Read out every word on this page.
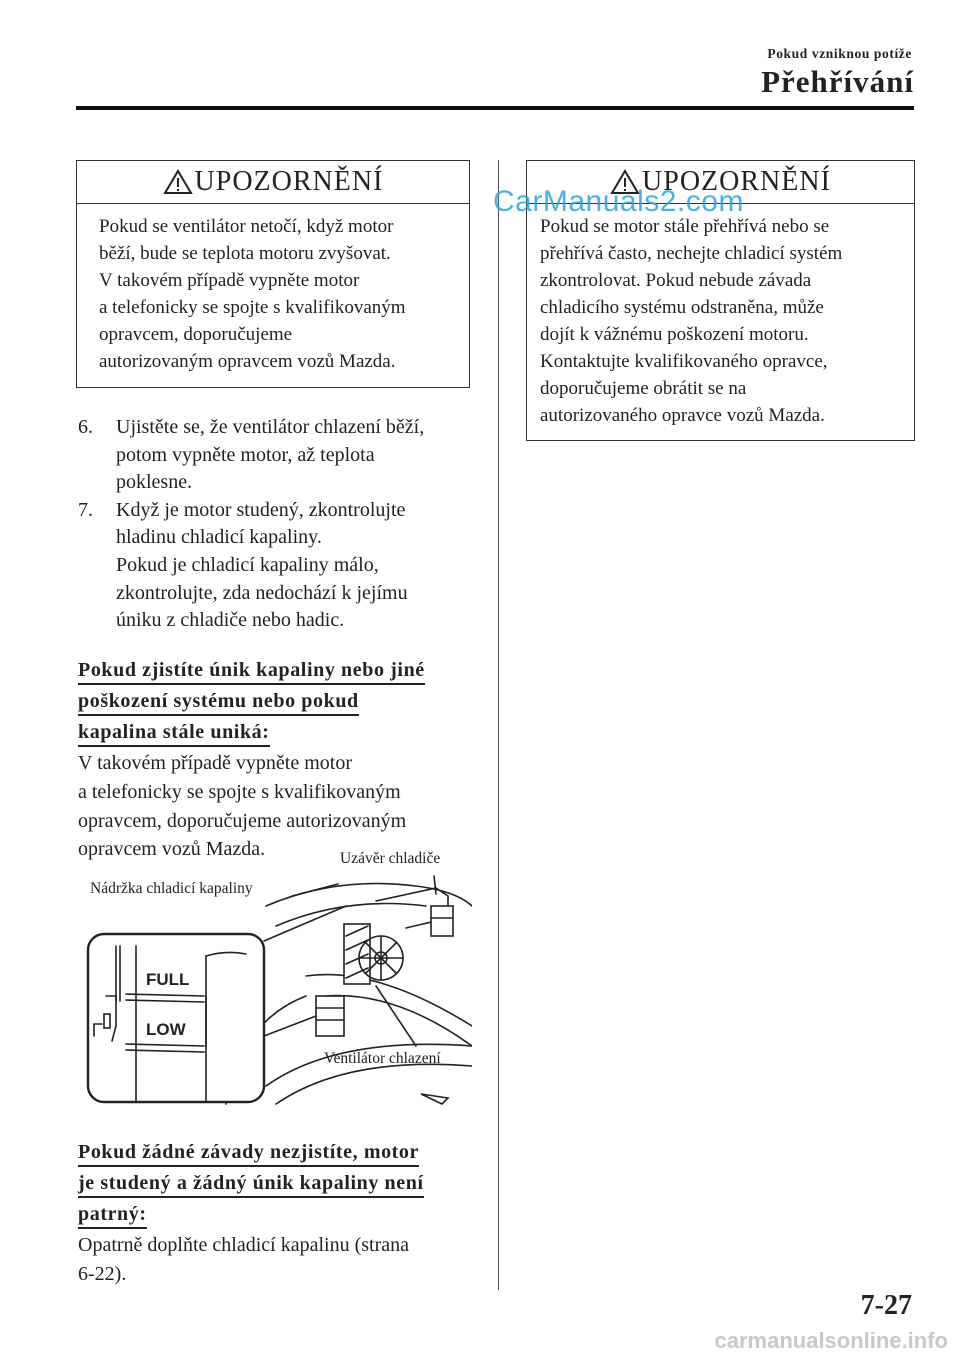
Pokud vzniknou potíže
Přehřívání
UPOZORNĚNÍ
Pokud se ventilátor netočí, když motor
běží, bude se teplota motoru zvyšovat.
V takovém případě vypněte motor
a telefonicky se spojte s kvalifikovaným
opravcem, doporučujeme
autorizovaným opravcem vozů Mazda.
6.	Ujistěte se, že ventilátor chlazení běží,
potom vypněte motor, až teplota
poklesne.
7.	Když je motor studený, zkontrolujte
hladinu chladicí kapaliny.
Pokud je chladicí kapaliny málo,
zkontrolujte, zda nedochází k jejímu
úniku z chladiče nebo hadic.
Pokud zjistíte únik kapaliny nebo jiné
poškození systému nebo pokud
kapalina stále uniká:
V takovém případě vypněte motor
a telefonicky se spojte s kvalifikovaným
opravcem, doporučujeme autorizovaným
opravcem vozů Mazda.
Nádržka chladicí kapaliny
Uzávěr chladiče
Ventilátor chlazení
FULL
LOW
Pokud žádné závady nezjistíte, motor
je studený a žádný únik kapaliny není
patrný:
Opatrně doplňte chladicí kapalinu (strana
6-22).
UPOZORNĚNÍ
Pokud se motor stále přehřívá nebo se
přehřívá často, nechejte chladicí systém
zkontrolovat. Pokud nebude závada
chladicího systému odstraněna, může
dojít k vážnému poškození motoru.
Kontaktujte kvalifikovaného opravce,
doporučujeme obrátit se na
autorizovaného opravce vozů Mazda.
CarManuals2.com
7-27
carmanualsonline.info
